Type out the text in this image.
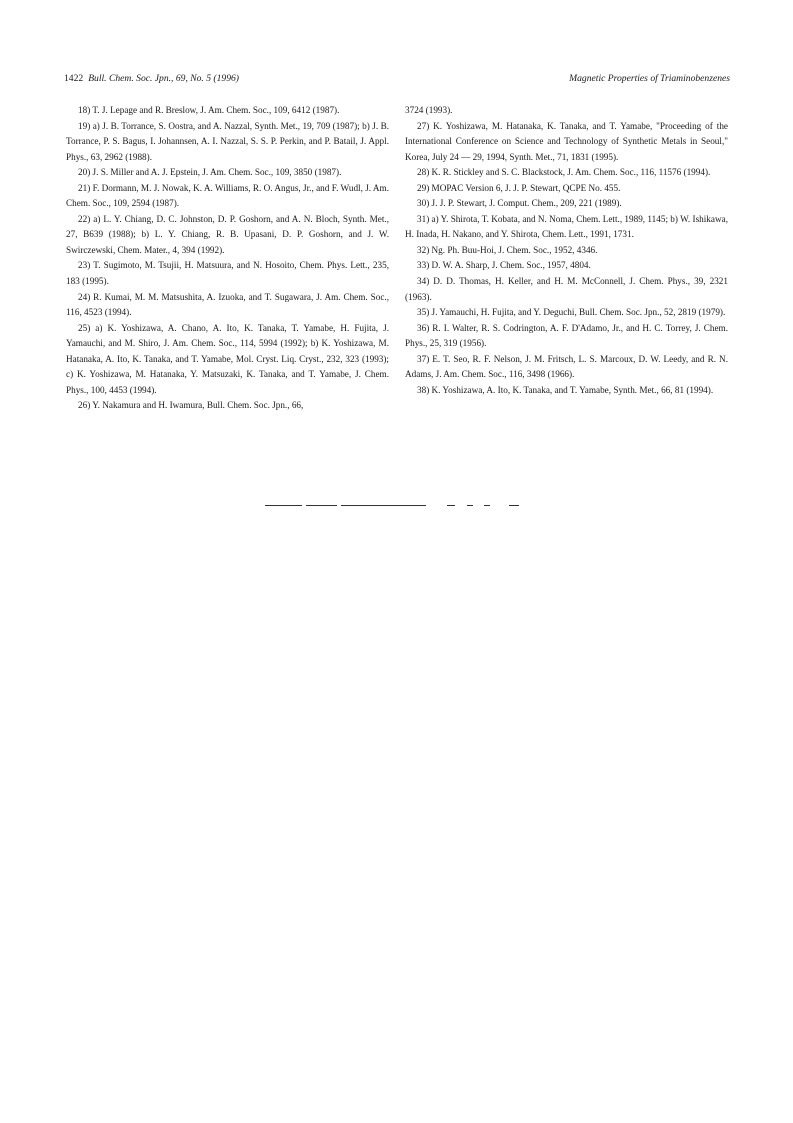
1422 Bull. Chem. Soc. Jpn., 69, No. 5 (1996)	Magnetic Properties of Triaminobenzenes

18) T. J. Lepage and R. Breslow, J. Am. Chem. Soc., 109, 6412 (1987).

19) a) J. B. Torrance, S. Oostra, and A. Nazzal, Synth. Met., 19, 709 (1987); b) J. B. Torrance, P. S. Bagus, I. Johannsen, A. I. Nazzal, S. S. P. Perkin, and P. Batail, J. Appl. Phys., 63, 2962 (1988).

20) J. S. Miller and A. J. Epstein, J. Am. Chem. Soc., 109, 3850 (1987).

21) F. Dormann, M. J. Nowak, K. A. Williams, R. O. Angus, Jr., and F. Wudl, J. Am. Chem. Soc., 109, 2594 (1987).

22) a) L. Y. Chiang, D. C. Johnston, D. P. Goshorn, and A. N. Bloch, Synth. Met., 27, B639 (1988); b) L. Y. Chiang, R. B. Upasani, D. P. Goshorn, and J. W. Swirczewski, Chem. Mater., 4, 394 (1992).

23) T. Sugimoto, M. Tsujii, H. Matsuura, and N. Hosoito, Chem. Phys. Lett., 235, 183 (1995).

24) R. Kumai, M. M. Matsushita, A. Izuoka, and T. Sugawara, J. Am. Chem. Soc., 116, 4523 (1994).

25) a) K. Yoshizawa, A. Chano, A. Ito, K. Tanaka, T. Yamabe, H. Fujita, J. Yamauchi, and M. Shiro, J. Am. Chem. Soc., 114, 5994 (1992); b) K. Yoshizawa, M. Hatanaka, A. Ito, K. Tanaka, and T. Yamabe, Mol. Cryst. Liq. Cryst., 232, 323 (1993); c) K. Yoshizawa, M. Hatanaka, Y. Matsuzaki, K. Tanaka, and T. Yamabe, J. Chem. Phys., 100, 4453 (1994).

26) Y. Nakamura and H. Iwamura, Bull. Chem. Soc. Jpn., 66,

3724 (1993).

27) K. Yoshizawa, M. Hatanaka, K. Tanaka, and T. Yamabe, "Proceeding of the International Conference on Science and Technology of Synthetic Metals in Seoul," Korea, July 24 — 29, 1994, Synth. Met., 71, 1831 (1995).

28) K. R. Stickley and S. C. Blackstock, J. Am. Chem. Soc., 116, 11576 (1994).

29) MOPAC Version 6, J. J. P. Stewart, QCPE No. 455.

30) J. J. P. Stewart, J. Comput. Chem., 209, 221 (1989).

31) a) Y. Shirota, T. Kobata, and N. Noma, Chem. Lett., 1989, 1145; b) W. Ishikawa, H. Inada, H. Nakano, and Y. Shirota, Chem. Lett., 1991, 1731.

32) Ng. Ph. Buu-Hoi, J. Chem. Soc., 1952, 4346.

33) D. W. A. Sharp, J. Chem. Soc., 1957, 4804.

34) D. D. Thomas, H. Keller, and H. M. McConnell, J. Chem. Phys., 39, 2321 (1963).

35) J. Yamauchi, H. Fujita, and Y. Deguchi, Bull. Chem. Soc. Jpn., 52, 2819 (1979).

36) R. I. Walter, R. S. Codrington, A. F. D'Adamo, Jr., and H. C. Torrey, J. Chem. Phys., 25, 319 (1956).

37) E. T. Seo, R. F. Nelson, J. M. Fritsch, L. S. Marcoux, D. W. Leedy, and R. N. Adams, J. Am. Chem. Soc., 116, 3498 (1966).

38) K. Yoshizawa, A. Ito, K. Tanaka, and T. Yamabe, Synth. Met., 66, 81 (1994).
